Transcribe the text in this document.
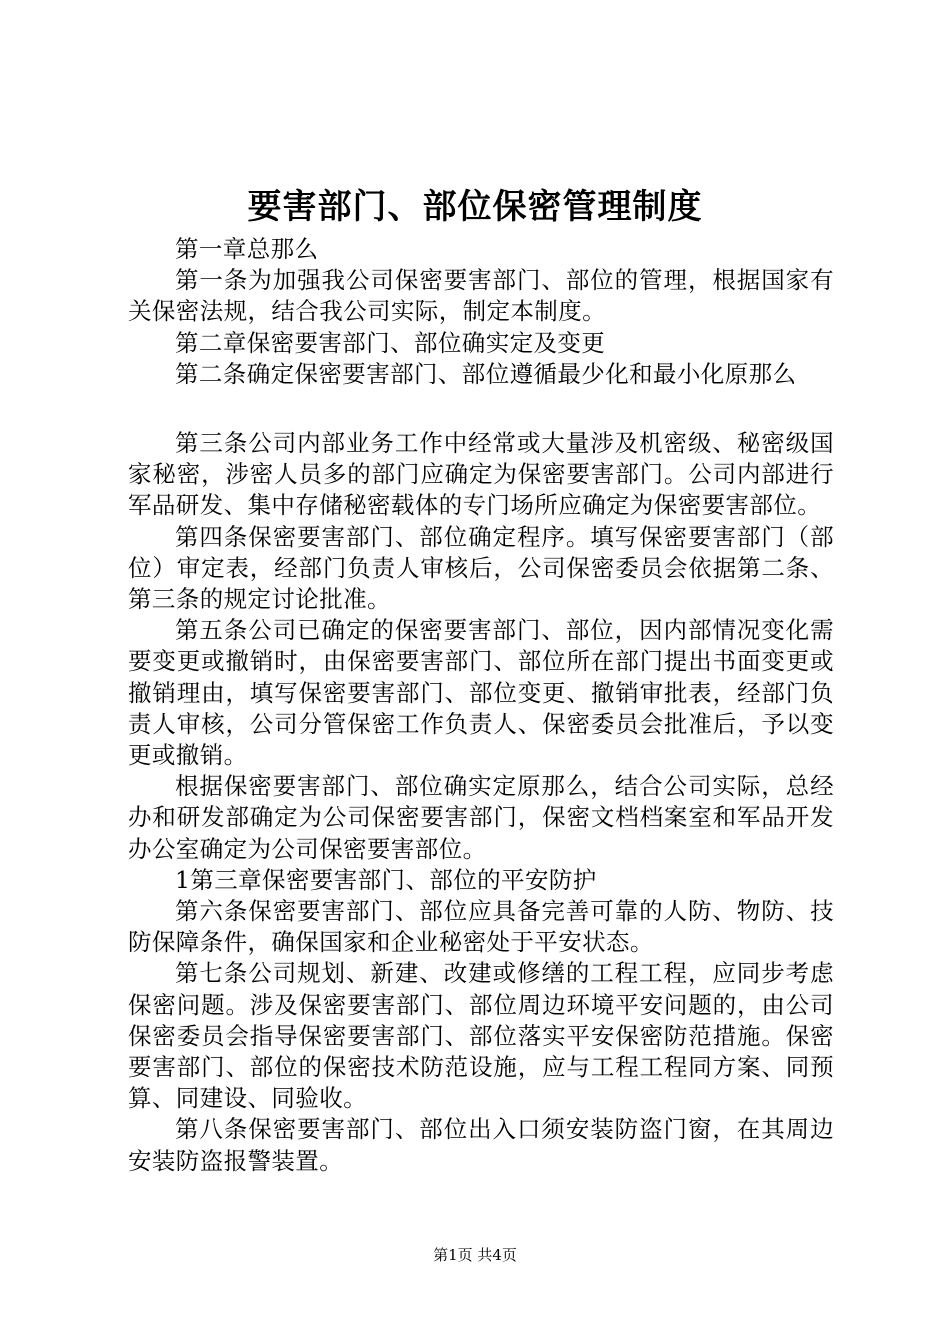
要害部门、部位保密管理制度

第一章总那么

第一条为加强我公司保密要害部门、部位的管理，根据国家有关保密法规，结合我公司实际，制定本制度。

第二章保密要害部门、部位确实定及变更

第二条确定保密要害部门、部位遵循最少化和最小化原那么

第三条公司内部业务工作中经常或大量涉及机密级、秘密级国家秘密，涉密人员多的部门应确定为保密要害部门。公司内部进行军品研发、集中存储秘密载体的专门场所应确定为保密要害部位。

第四条保密要害部门、部位确定程序。填写保密要害部门（部位）审定表，经部门负责人审核后，公司保密委员会依据第二条、第三条的规定讨论批准。

第五条公司已确定的保密要害部门、部位，因内部情况变化需要变更或撤销时，由保密要害部门、部位所在部门提出书面变更或撤销理由，填写保密要害部门、部位变更、撤销审批表，经部门负责人审核，公司分管保密工作负责人、保密委员会批准后，予以变更或撤销。

根据保密要害部门、部位确实定原那么，结合公司实际，总经办和研发部确定为公司保密要害部门，保密文档档案室和军品开发办公室确定为公司保密要害部位。

1第三章保密要害部门、部位的平安防护

第六条保密要害部门、部位应具备完善可靠的人防、物防、技防保障条件，确保国家和企业秘密处于平安状态。

第七条公司规划、新建、改建或修缮的工程工程，应同步考虑保密问题。涉及保密要害部门、部位周边环境平安问题的，由公司保密委员会指导保密要害部门、部位落实平安保密防范措施。保密要害部门、部位的保密技术防范设施，应与工程工程同方案、同预算、同建设、同验收。

第八条保密要害部门、部位出入口须安装防盗门窗，在其周边安装防盗报警装置。

第1页 共4页
